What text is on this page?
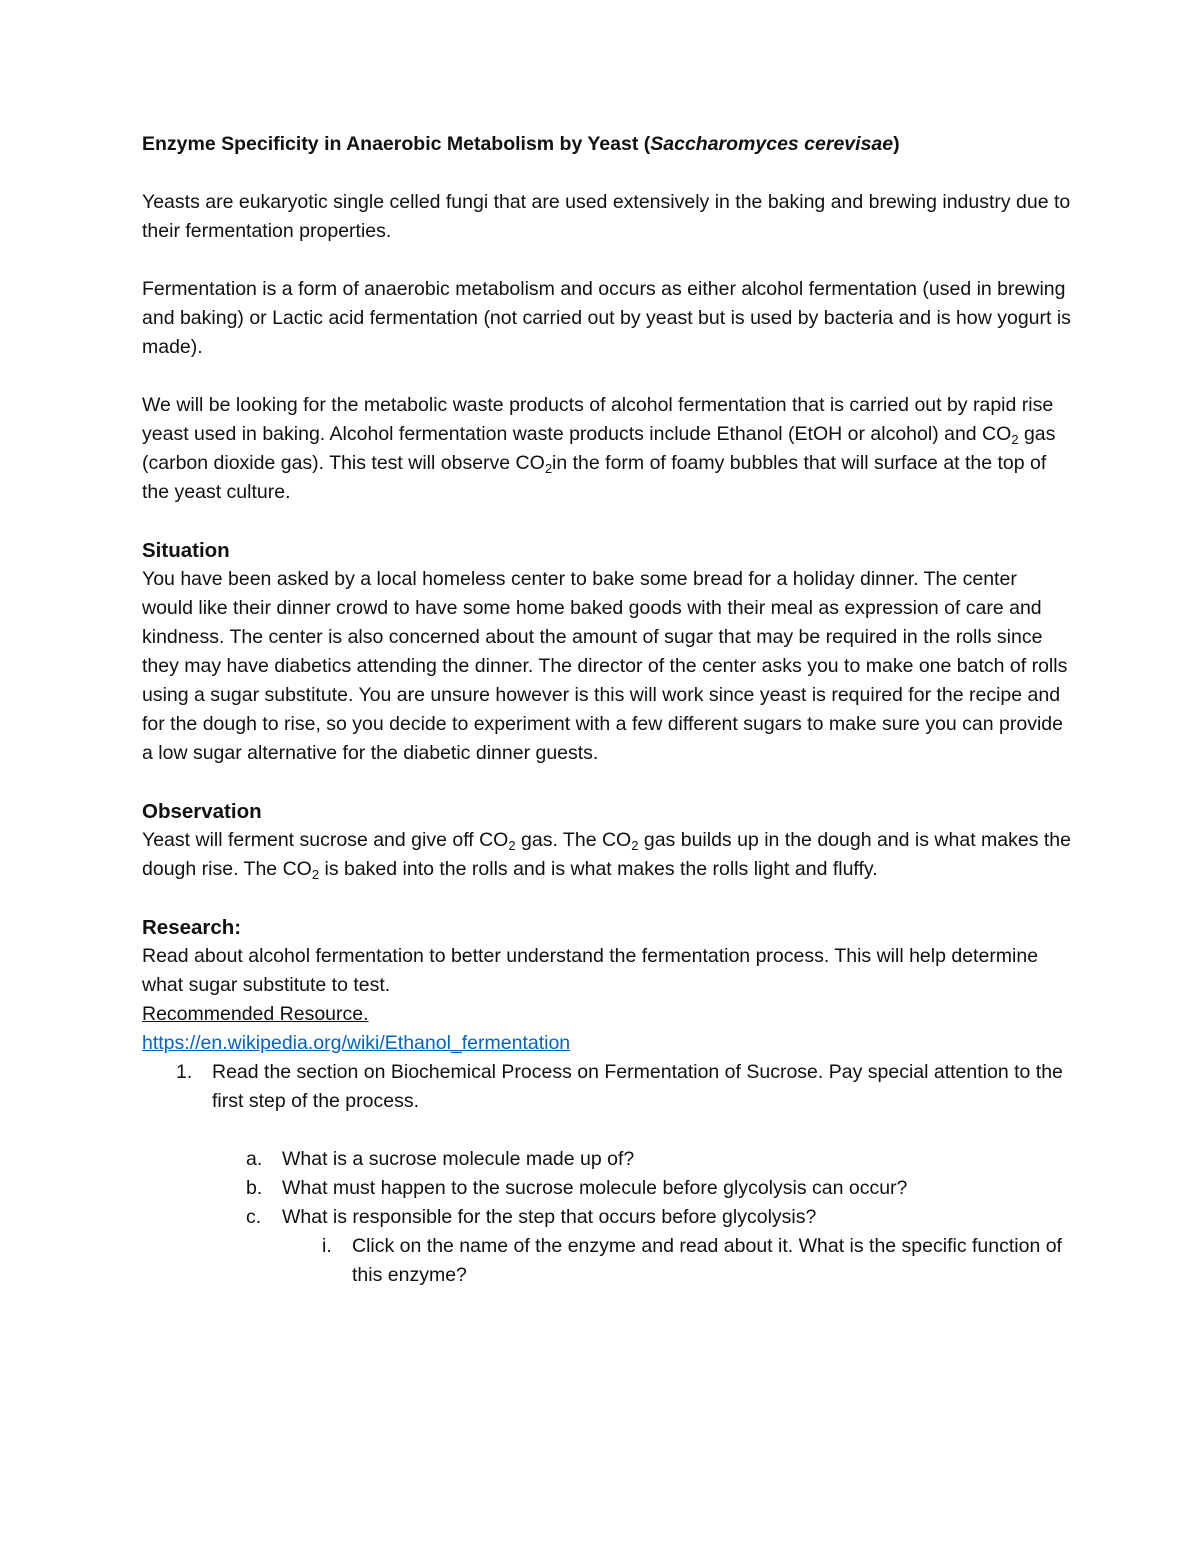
Enzyme Specificity in Anaerobic Metabolism by Yeast (Saccharomyces cerevisae)

Yeasts are eukaryotic single celled fungi that are used extensively in the baking and brewing industry due to their fermentation properties.

Fermentation is a form of anaerobic metabolism and occurs as either alcohol fermentation (used in brewing and baking) or Lactic acid fermentation (not carried out by yeast but is used by bacteria and is how yogurt is made).

We will be looking for the metabolic waste products of alcohol fermentation that is carried out by rapid rise yeast used in baking. Alcohol fermentation waste products include Ethanol (EtOH or alcohol) and $CO_2$ gas (carbon dioxide gas). This test will observe $CO_2in$ the form of foamy bubbles that will surface at the top of the yeast culture.

Situation

You have been asked by a local homeless center to bake some bread for a holiday dinner. The center would like their dinner crowd to have some home baked goods with their meal as expression of care and kindness. The center is also concerned about the amount of sugar that may be required in the rolls since they may have diabetics attending the dinner. The director of the center asks you to make one batch of rolls using a sugar substitute. You are unsure however is this will work since yeast is required for the recipe and for the dough to rise, so you decide to experiment with a few different sugars to make sure you can provide a low sugar alternative for the diabetic dinner guests.

Observation

Yeast will ferment sucrose and give off $CO_2$ gas. The $CO_2$ gas builds up in the dough and is what makes the dough rise. The $CO_2$ is baked into the rolls and is what makes the rolls light and fluffy.

Research:
Read about alcohol fermentation to better understand the fermentation process. This will help determine what sugar substitute to test.
Recommended Resource.
https://en.wikipedia.org/wiki/Ethanol_fermentation
1. Read the section on Biochemical Process on Fermentation of Sucrose. Pay special attention to the first step of the process.
a. What is a sucrose molecule made up of?
b. What must happen to the sucrose molecule before glycolysis can occur?
c. What is responsible for the step that occurs before glycolysis?
i. Click on the name of the enzyme and read about it. What is the specific function of this enzyme?
